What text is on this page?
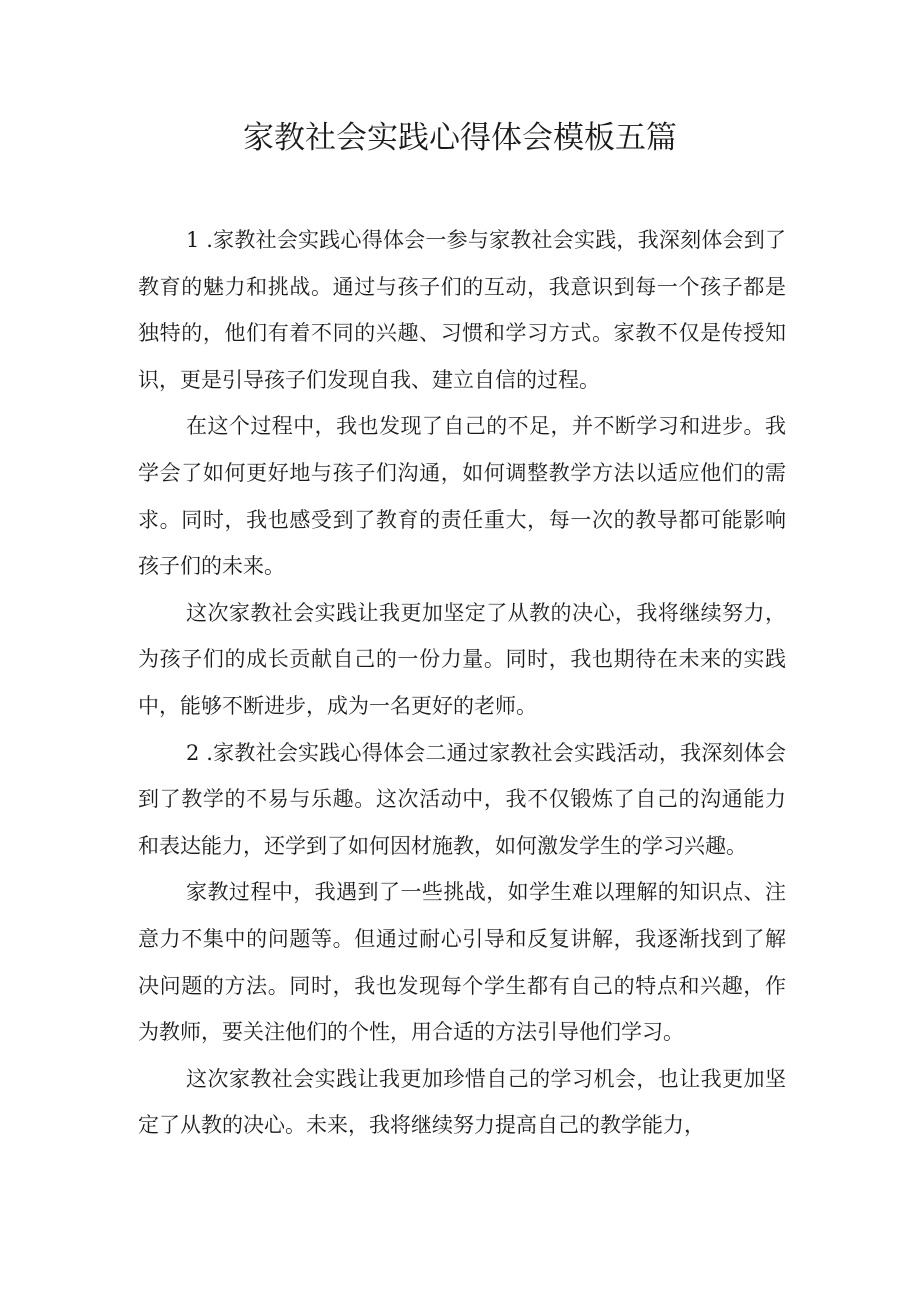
家教社会实践心得体会模板五篇

1 .家教社会实践心得体会一参与家教社会实践，我深刻体会到了教育的魅力和挑战。通过与孩子们的互动，我意识到每一个孩子都是独特的，他们有着不同的兴趣、习惯和学习方式。家教不仅是传授知识，更是引导孩子们发现自我、建立自信的过程。

在这个过程中，我也发现了自己的不足，并不断学习和进步。我学会了如何更好地与孩子们沟通，如何调整教学方法以适应他们的需求。同时，我也感受到了教育的责任重大，每一次的教导都可能影响孩子们的未来。

这次家教社会实践让我更加坚定了从教的决心，我将继续努力，为孩子们的成长贡献自己的一份力量。同时，我也期待在未来的实践中，能够不断进步，成为一名更好的老师。

2 .家教社会实践心得体会二通过家教社会实践活动，我深刻体会到了教学的不易与乐趣。这次活动中，我不仅锻炼了自己的沟通能力和表达能力，还学到了如何因材施教，如何激发学生的学习兴趣。

家教过程中，我遇到了一些挑战，如学生难以理解的知识点、注意力不集中的问题等。但通过耐心引导和反复讲解，我逐渐找到了解决问题的方法。同时，我也发现每个学生都有自己的特点和兴趣，作为教师，要关注他们的个性，用合适的方法引导他们学习。

这次家教社会实践让我更加珍惜自己的学习机会，也让我更加坚定了从教的决心。未来，我将继续努力提高自己的教学能力，
